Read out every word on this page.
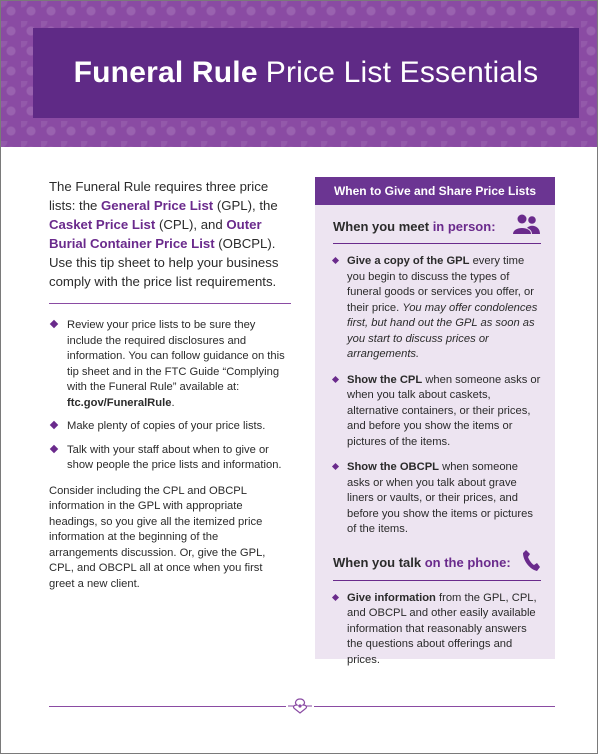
Funeral Rule Price List Essentials

The Funeral Rule requires three price lists: the General Price List (GPL), the Casket Price List (CPL), and Outer Burial Container Price List (OBCPL). Use this tip sheet to help your business comply with the price list requirements.

Review your price lists to be sure they include the required disclosures and information. You can follow guidance on this tip sheet and in the FTC Guide “Complying with the Funeral Rule” available at: ftc.gov/FuneralRule.
Make plenty of copies of your price lists.
Talk with your staff about when to give or show people the price lists and information.

Consider including the CPL and OBCPL information in the GPL with appropriate headings, so you give all the itemized price information at the beginning of the arrangements discussion. Or, give the GPL, CPL, and OBCPL all at once when you first greet a new client.

When to Give and Share Price Lists
When you meet in person:
Give a copy of the GPL every time you begin to discuss the types of funeral goods or services you offer, or their price. You may offer condolences first, but hand out the GPL as soon as you start to discuss prices or arrangements.
Show the CPL when someone asks or when you talk about caskets, alternative containers, or their prices, and before you show the items or pictures of the items.
Show the OBCPL when someone asks or when you talk about grave liners or vaults, or their prices, and before you show the items or pictures of the items.
When you talk on the phone:
Give information from the GPL, CPL, and OBCPL and other easily available information that reasonably answers the questions about offerings and prices.
